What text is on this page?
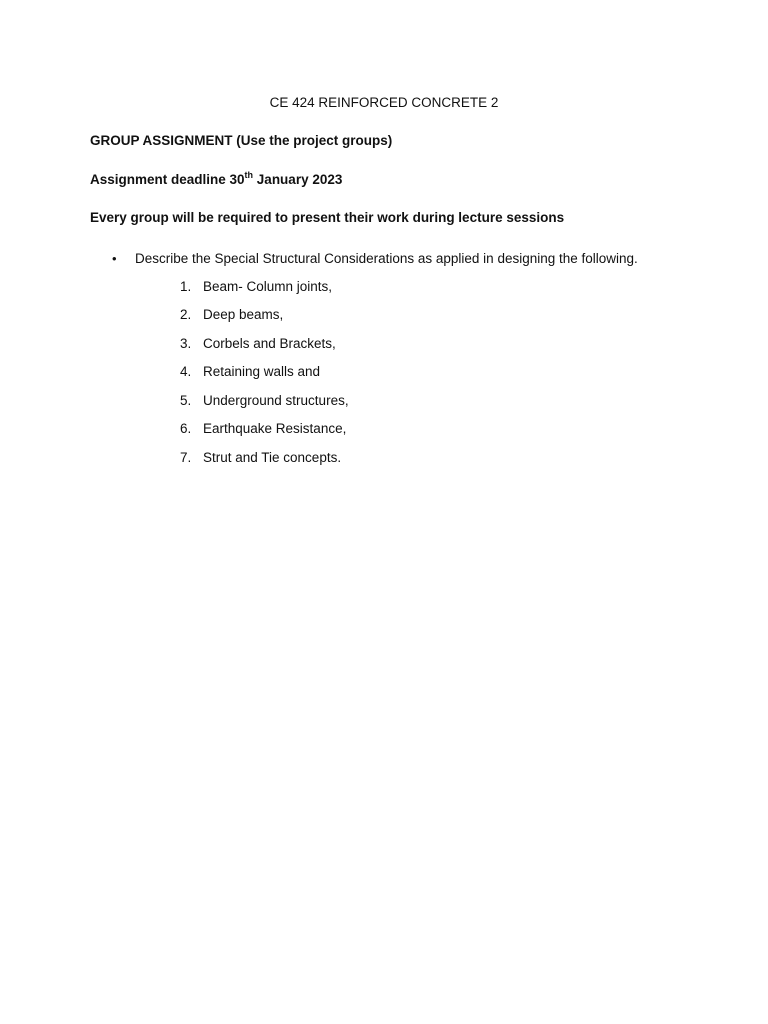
CE 424 REINFORCED CONCRETE 2
GROUP ASSIGNMENT (Use the project groups)
Assignment deadline 30th January 2023
Every group will be required to present their work during lecture sessions
• Describe the Special Structural Considerations as applied in designing the following.
1. Beam- Column joints,
2. Deep beams,
3. Corbels and Brackets,
4. Retaining walls and
5. Underground structures,
6. Earthquake Resistance,
7. Strut and Tie concepts.
